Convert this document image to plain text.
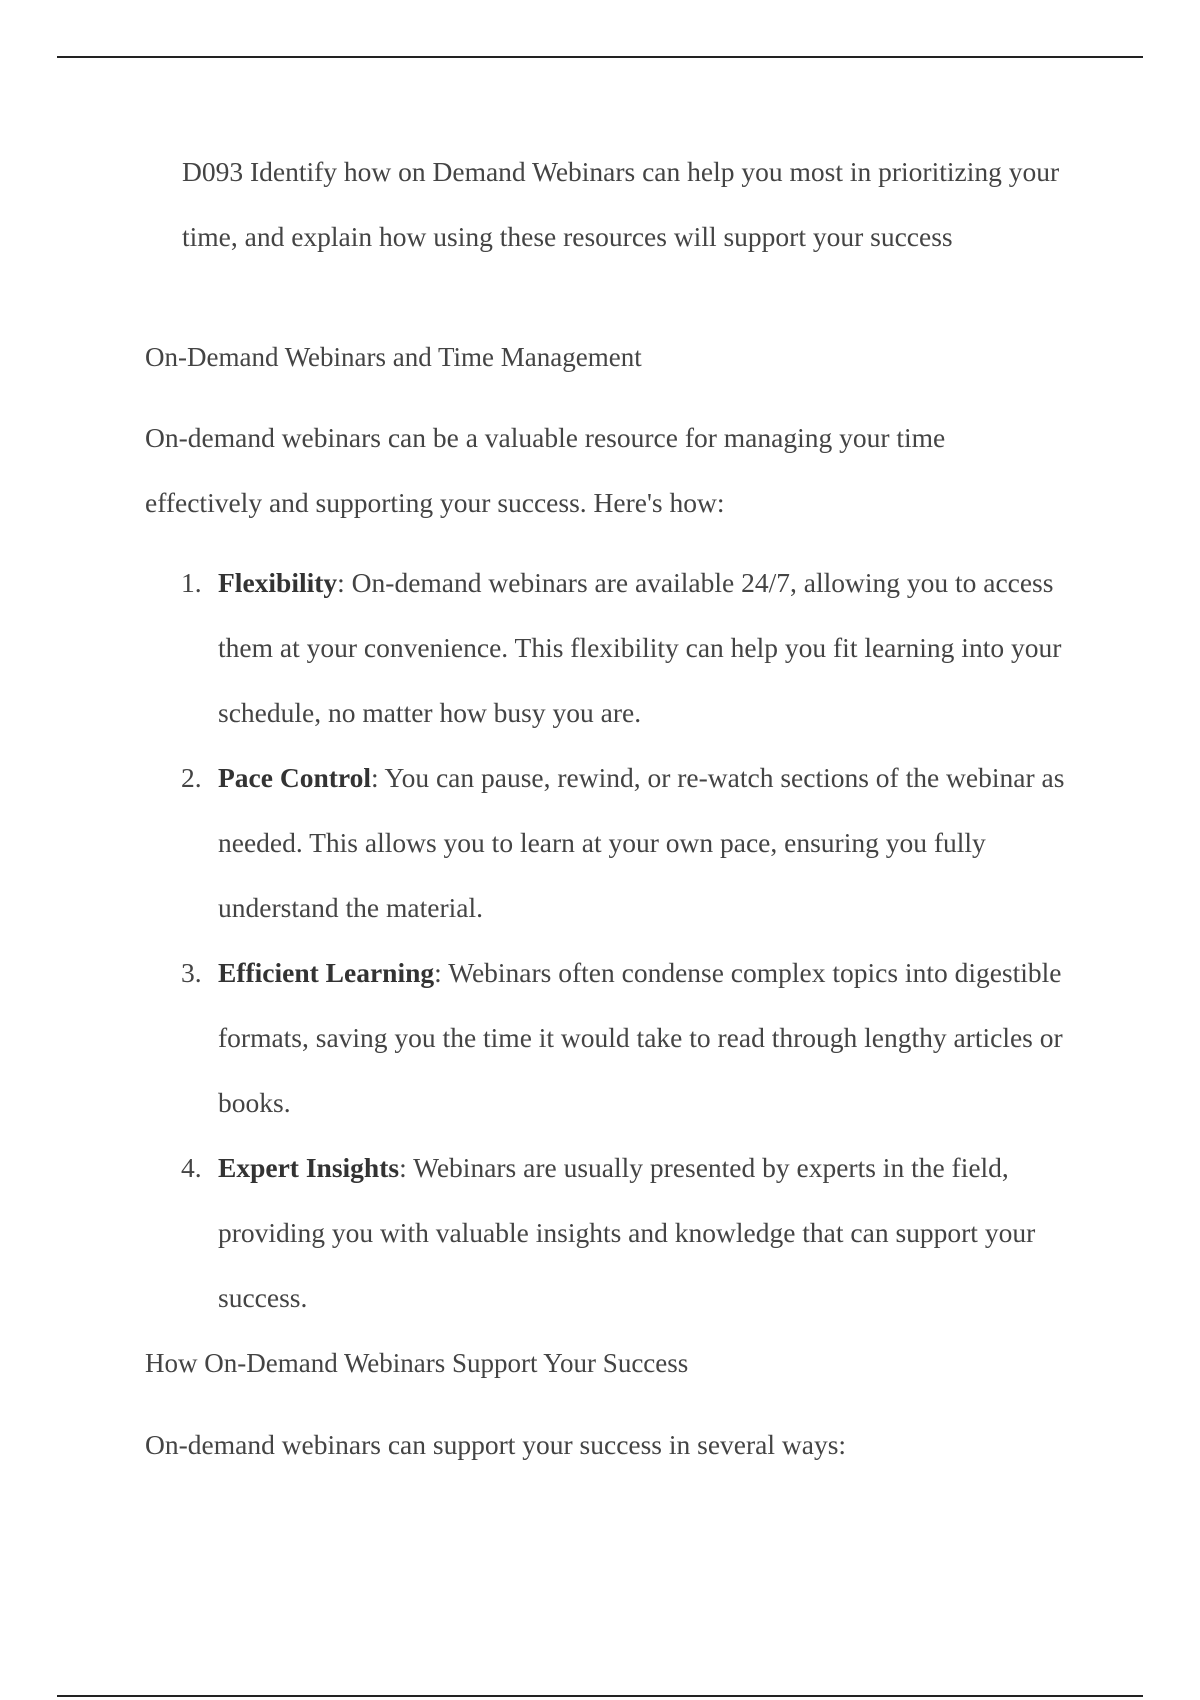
D093 Identify how on Demand Webinars can help you most in prioritizing your time, and explain how using these resources will support your success

On-Demand Webinars and Time Management

On-demand webinars can be a valuable resource for managing your time effectively and supporting your success. Here's how:

1. Flexibility: On-demand webinars are available 24/7, allowing you to access them at your convenience. This flexibility can help you fit learning into your schedule, no matter how busy you are.
2. Pace Control: You can pause, rewind, or re-watch sections of the webinar as needed. This allows you to learn at your own pace, ensuring you fully understand the material.
3. Efficient Learning: Webinars often condense complex topics into digestible formats, saving you the time it would take to read through lengthy articles or books.
4. Expert Insights: Webinars are usually presented by experts in the field, providing you with valuable insights and knowledge that can support your success.

How On-Demand Webinars Support Your Success

On-demand webinars can support your success in several ways:
